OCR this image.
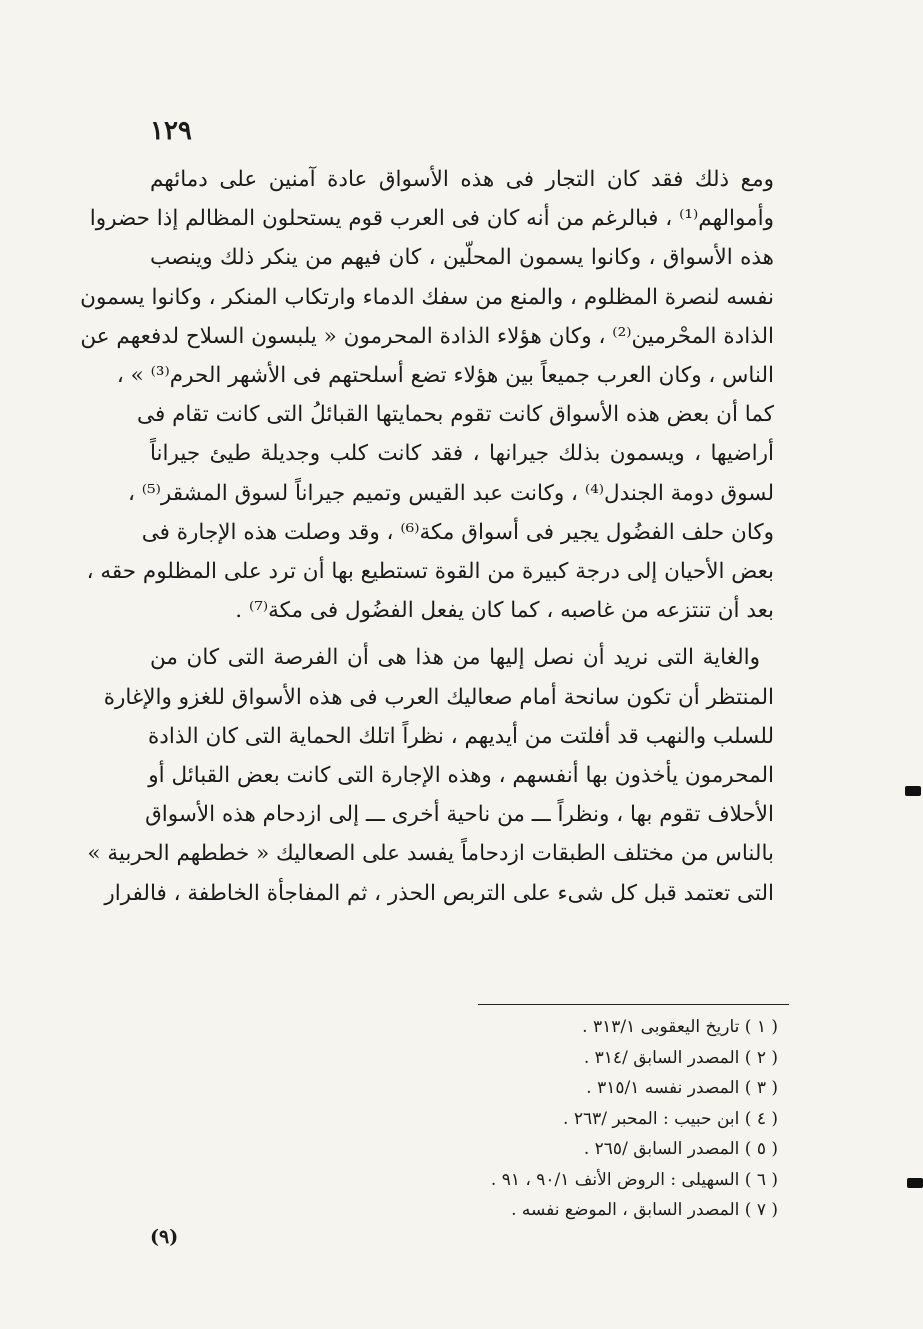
١٢٩
ومع ذلك فقد كان التجار فى هذه الأسواق عادة آمنين على دمائهم
وأموالهم⁽¹⁾ ، فبالرغم من أنه كان فى العرب قوم يستحلون المظالم إذا حضروا
هذه الأسواق ، وكانوا يسمون المحلّين ، كان فيهم من ينكر ذلك وينصب
نفسه لنصرة المظلوم ، والمنع من سفك الدماء وارتكاب المنكر ، وكانوا يسمون
الذادة المحْرمين⁽²⁾ ، وكان هؤلاء الذادة المحرمون « يلبسون السلاح لدفعهم عن
الناس ، وكان العرب جميعاً بين هؤلاء تضع أسلحتهم فى الأشهر الحرم⁽³⁾ » ،
كما أن بعض هذه الأسواق كانت تقوم بحمايتها القبائلُ التى كانت تقام فى
أراضيها ، ويسمون بذلك جيرانها ، فقد كانت كلب وجديلة طيئ جيراناً
لسوق دومة الجندل⁽⁴⁾ ، وكانت عبد القيس وتميم جيراناً لسوق المشقر⁽⁵⁾ ،
وكان حلف الفضُول يجير فى أسواق مكة⁽⁶⁾ ، وقد وصلت هذه الإجارة فى
بعض الأحيان إلى درجة كبيرة من القوة تستطيع بها أن ترد على المظلوم حقه ،
بعد أن تنتزعه من غاصبه ، كما كان يفعل الفضُول فى مكة⁽⁷⁾ .
والغاية التى نريد أن نصل إليها من هذا هى أن الفرصة التى كان من
المنتظر أن تكون سانحة أمام صعاليك العرب فى هذه الأسواق للغزو والإغارة
للسلب والنهب قد أفلتت من أيديهم ، نظراً اتلك الحماية التى كان الذادة
المحرمون يأخذون بها أنفسهم ، وهذه الإجارة التى كانت بعض القبائل أو
الأحلاف تقوم بها ، ونظراً ـــ من ناحية أخرى ـــ إلى ازدحام هذه الأسواق
بالناس من مختلف الطبقات ازدحاماً يفسد على الصعاليك « خططهم الحربية »
التى تعتمد قبل كل شىء على التربص الحذر ، ثم المفاجأة الخاطفة ، فالفرار
( ١ ) تاريخ اليعقوبى ٣١٣/١ .
( ٢ ) المصدر السابق /٣١٤ .
( ٣ ) المصدر نفسه ٣١٥/١ .
( ٤ ) ابن حبيب : المحبر /٢٦٣ .
( ٥ ) المصدر السابق /٢٦٥ .
( ٦ ) السهيلى : الروض الأنف ٩٠/١ ، ٩١ .
( ٧ ) المصدر السابق ، الموضع نفسه .
(٩)
